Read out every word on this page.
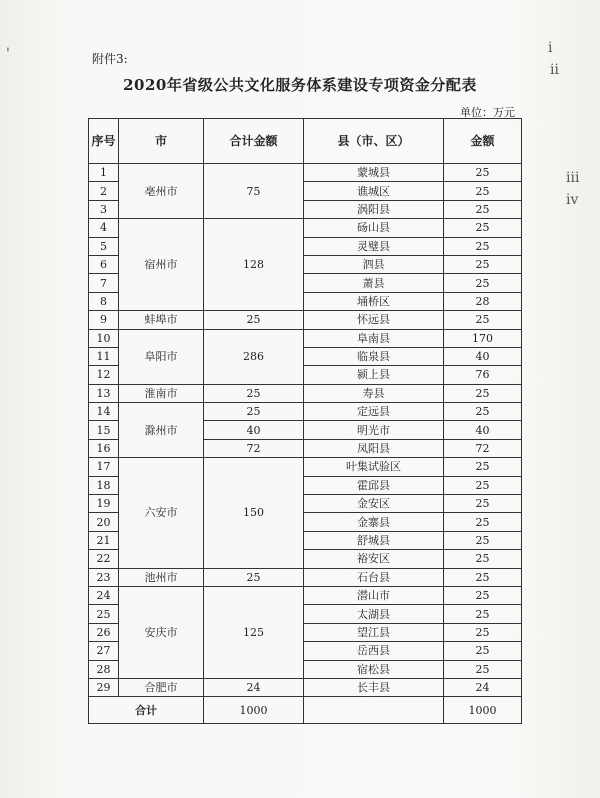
附件3:
2020年省级公共文化服务体系建设专项资金分配表
单位：万元
序号	市	合计金额	县（市、区）	金额
1	亳州市	75	蒙城县	25
2			谯城区	25
3			涡阳县	25
4	宿州市	128	砀山县	25
5			灵璧县	25
6			泗县	25
7			萧县	25
8			埇桥区	28
9	蚌埠市	25	怀远县	25
10	阜阳市	286	阜南县	170
11			临泉县	40
12			颍上县	76
13	淮南市	25	寿县	25
14	滁州市	25	定远县	25
15		40	明光市	40
16		72	凤阳县	72
17	六安市	150	叶集试验区	25
18			霍邱县	25
19			金安区	25
20			金寨县	25
21			舒城县	25
22			裕安区	25
23	池州市	25	石台县	25
24	安庆市	125	潜山市	25
25			太湖县	25
26			望江县	25
27			岳西县	25
28			宿松县	25
29	合肥市	24	长丰县	24
合计		1000		1000
'	ⅰ
ⅱ
ⅲ
ⅳ
